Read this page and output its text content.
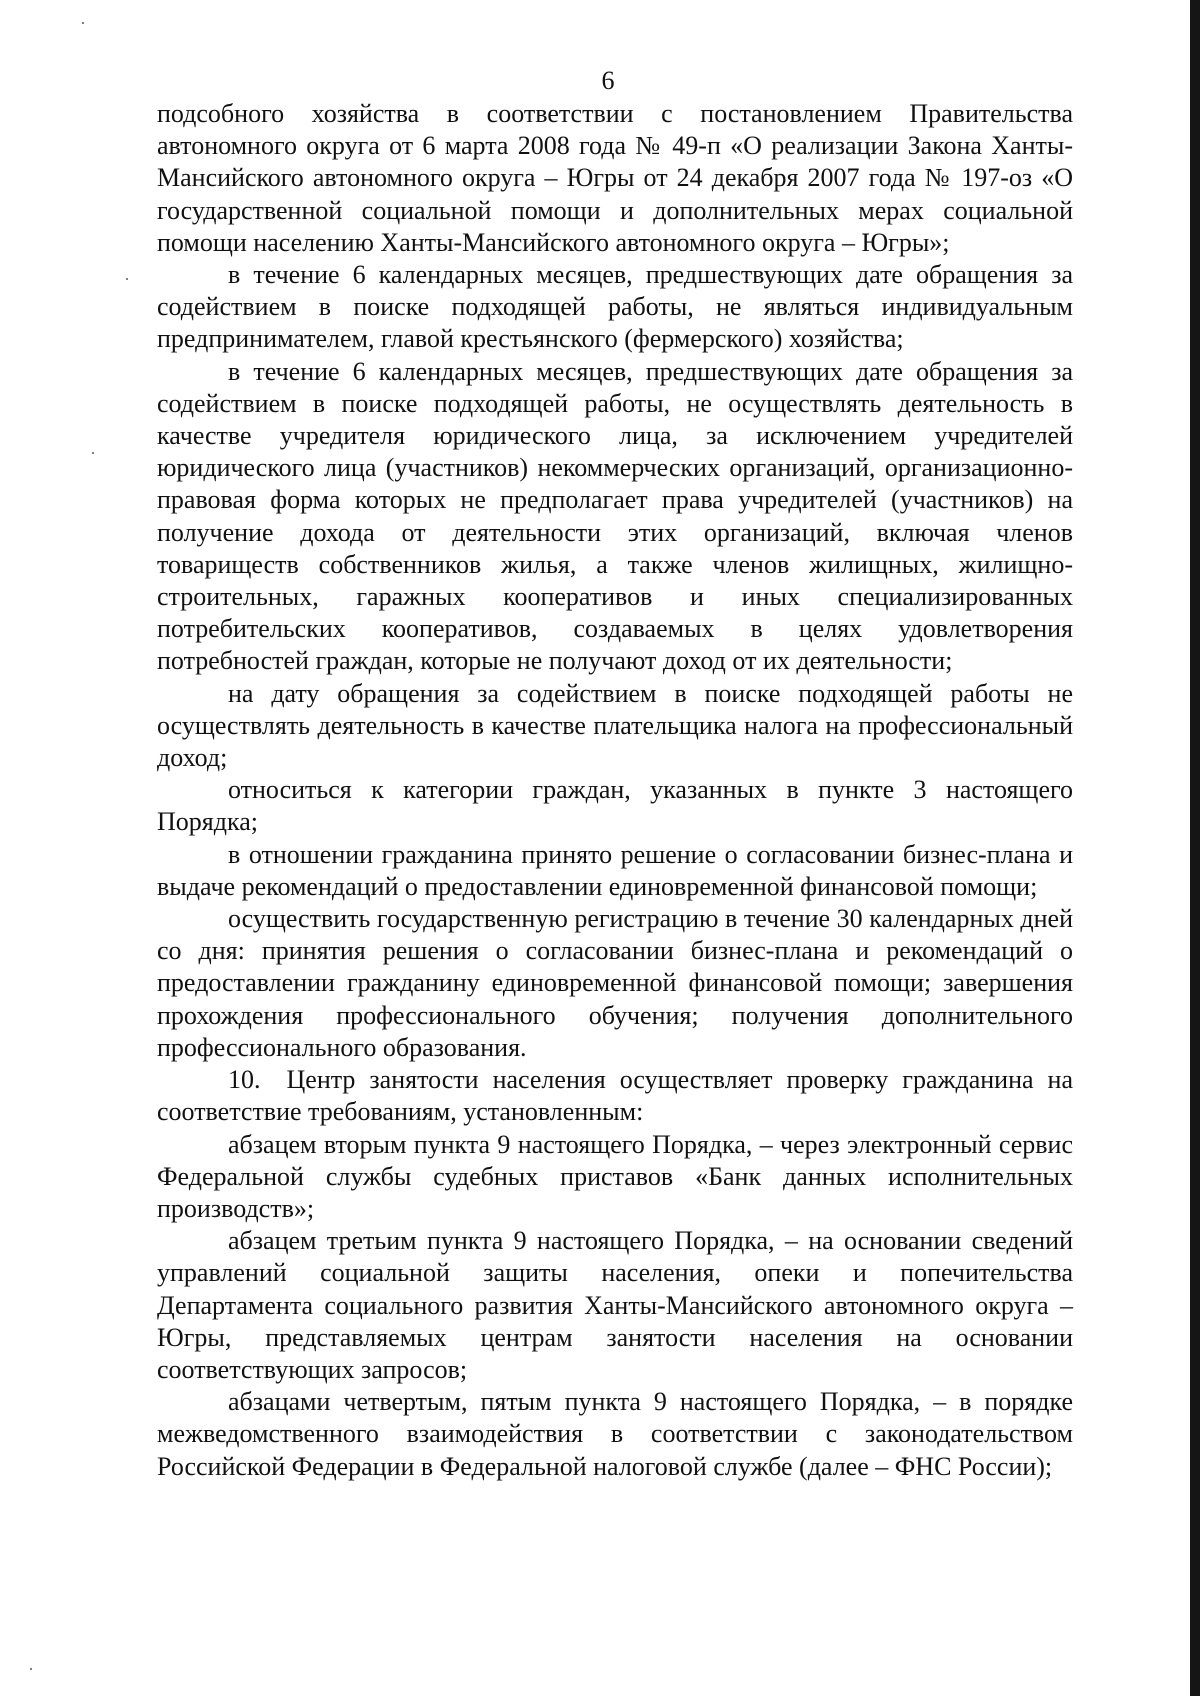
6

подсобного хозяйства в соответствии с постановлением Правительства автономного округа от 6 марта 2008 года № 49-п «О реализации Закона Ханты-Мансийского автономного округа – Югры от 24 декабря 2007 года № 197-оз «О государственной социальной помощи и дополнительных мерах социальной помощи населению Ханты-Мансийского автономного округа – Югры»;

в течение 6 календарных месяцев, предшествующих дате обращения за содействием в поиске подходящей работы, не являться индивидуальным предпринимателем, главой крестьянского (фермерского) хозяйства;

в течение 6 календарных месяцев, предшествующих дате обращения за содействием в поиске подходящей работы, не осуществлять деятельность в качестве учредителя юридического лица, за исключением учредителей юридического лица (участников) некоммерческих организаций, организационно-правовая форма которых не предполагает права учредителей (участников) на получение дохода от деятельности этих организаций, включая членов товариществ собственников жилья, а также членов жилищных, жилищно-строительных, гаражных кооперативов и иных специализированных потребительских кооперативов, создаваемых в целях удовлетворения потребностей граждан, которые не получают доход от их деятельности;

на дату обращения за содействием в поиске подходящей работы не осуществлять деятельность в качестве плательщика налога на профессиональный доход;

относиться к категории граждан, указанных в пункте 3 настоящего Порядка;

в отношении гражданина принято решение о согласовании бизнес-плана и выдаче рекомендаций о предоставлении единовременной финансовой помощи;

осуществить государственную регистрацию в течение 30 календарных дней со дня: принятия решения о согласовании бизнес-плана и рекомендаций о предоставлении гражданину единовременной финансовой помощи; завершения прохождения профессионального обучения; получения дополнительного профессионального образования.

10. Центр занятости населения осуществляет проверку гражданина на соответствие требованиям, установленным:

абзацем вторым пункта 9 настоящего Порядка, – через электронный сервис Федеральной службы судебных приставов «Банк данных исполнительных производств»;

абзацем третьим пункта 9 настоящего Порядка, – на основании сведений управлений социальной защиты населения, опеки и попечительства Департамента социального развития Ханты-Мансийского автономного округа – Югры, представляемых центрам занятости населения на основании соответствующих запросов;

абзацами четвертым, пятым пункта 9 настоящего Порядка, – в порядке межведомственного взаимодействия в соответствии с законодательством Российской Федерации в Федеральной налоговой службе (далее – ФНС России);
